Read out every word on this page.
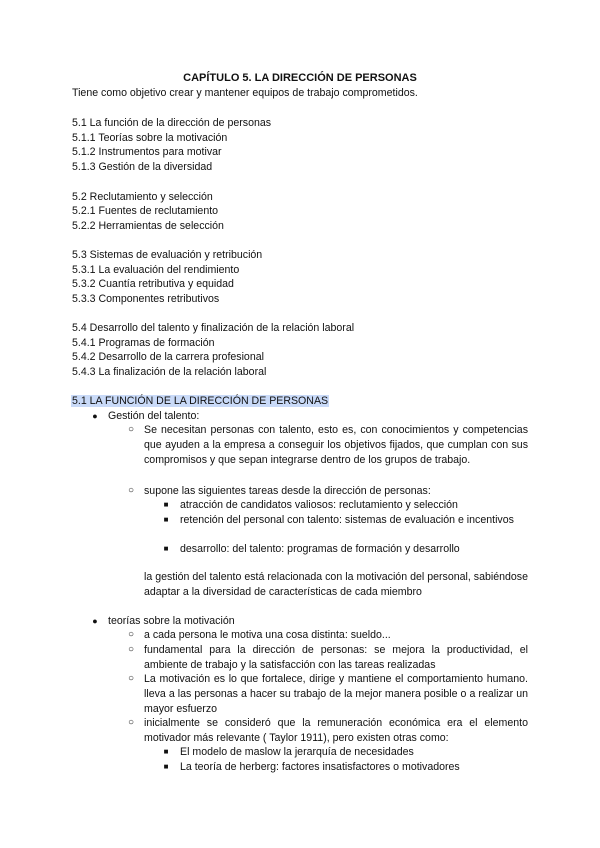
CAPÍTULO 5. LA DIRECCIÓN DE PERSONAS
Tiene como objetivo crear y mantener equipos de trabajo comprometidos.
5.1 La función de la dirección de personas
5.1.1 Teorías sobre la motivación
5.1.2 Instrumentos para motivar
5.1.3 Gestión de la diversidad
5.2 Reclutamiento y selección
5.2.1 Fuentes de reclutamiento
5.2.2 Herramientas de selección
5.3 Sistemas de evaluación y retribución
5.3.1 La evaluación del rendimiento
5.3.2 Cuantía retributiva y equidad
5.3.3 Componentes retributivos
5.4 Desarrollo del talento y finalización de la relación laboral
5.4.1 Programas de formación
5.4.2 Desarrollo de la carrera profesional
5.4.3 La finalización de la relación laboral
5.1 LA FUNCIÓN DE LA DIRECCIÓN DE PERSONAS
● Gestión del talento:
○ Se necesitan personas con talento, esto es, con conocimientos y competencias que ayuden a la empresa a conseguir los objetivos fijados, que cumplan con sus compromisos y que sepan integrarse dentro de los grupos de trabajo.

○ supone las siguientes tareas desde la dirección de personas:

■ atracción de candidatos valiosos: reclutamiento y selección

■ retención del personal con talento: sistemas de evaluación e incentivos

■ desarrollo: del talento: programas de formación y desarrollo

la gestión del talento está relacionada con la motivación del personal, sabiéndose adaptar a la diversidad de características de cada miembro

● teorías sobre la motivación
○ a cada persona le motiva una cosa distinta: sueldo...

○ fundamental para la dirección de personas: se mejora la productividad, el ambiente de trabajo y la satisfacción con las tareas realizadas

○ La motivación es lo que fortalece, dirige y mantiene el comportamiento humano. lleva a las personas a hacer su trabajo de la mejor manera posible o a realizar un mayor esfuerzo

○ inicialmente se consideró que la remuneración económica era el elemento motivador más relevante ( Taylor 1911), pero existen otras como:

■ El modelo de maslow la jerarquía de necesidades

■ La teoría de herberg: factores insatisfactores o motivadores
